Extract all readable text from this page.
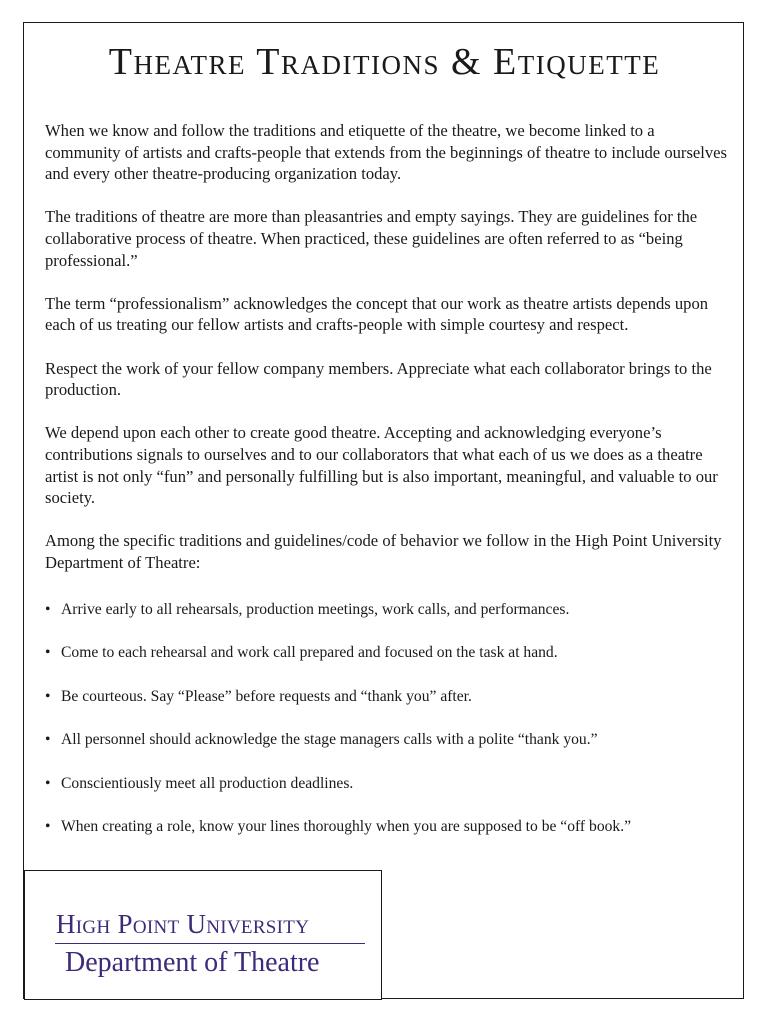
Theatre Traditions & Etiquette

When we know and follow the traditions and etiquette of the theatre, we become linked to a community of artists and crafts-people that extends from the beginnings of theatre to include ourselves and every other theatre-producing organization today.

The traditions of theatre are more than pleasantries and empty sayings. They are guidelines for the collaborative process of theatre. When practiced, these guidelines are often referred to as “being professional.”

The term “professionalism” acknowledges the concept that our work as theatre artists depends upon each of us treating our fellow artists and crafts-people with simple courtesy and respect.

Respect the work of your fellow company members. Appreciate what each collaborator brings to the production.

We depend upon each other to create good theatre. Accepting and acknowledging everyone’s contributions signals to ourselves and to our collaborators that what each of us we does as a theatre artist is not only “fun” and personally fulfilling but is also important, meaningful, and valuable to our society.

Among the specific traditions and guidelines/code of behavior we follow in the High Point University Department of Theatre:

• Arrive early to all rehearsals, production meetings, work calls, and performances.
• Come to each rehearsal and work call prepared and focused on the task at hand.
• Be courteous. Say “Please” before requests and “thank you” after.
• All personnel should acknowledge the stage managers calls with a polite “thank you.”
• Conscientiously meet all production deadlines.
• When creating a role, know your lines thoroughly when you are supposed to be “off book.”
High Point University
Department of Theatre
